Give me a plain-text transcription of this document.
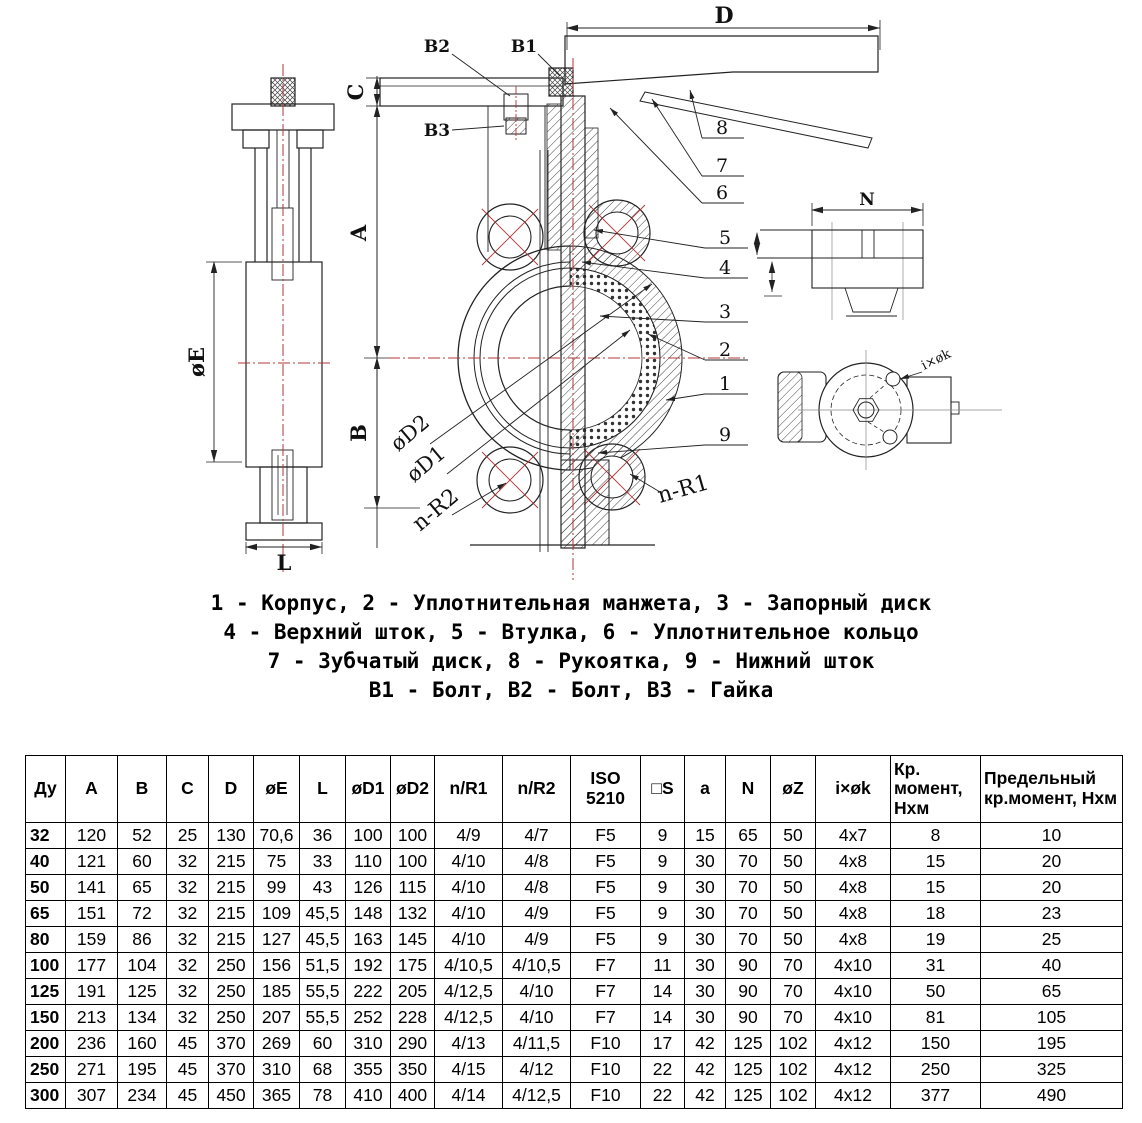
øE
L
C
A
B
D
В2	В1
В3	8
7
6
5
4
3
2
1
9
øD2
øD1
n-R2	n-R1
N
i×øk
1 - Корпус, 2 - Уплотнительная манжета, 3 - Запорный диск
4 - Верхний шток, 5 - Втулка, 6 - Уплотнительное кольцо
7 - Зубчатый диск, 8 - Рукоятка, 9 - Нижний шток
В1 - Болт, В2 - Болт, В3 - Гайка
Ду	A	B	C	D	øE	L	øD1	øD2	n/R1	n/R2	ISO 5210	□S	a	N	øZ	i×øk	Кр. момент, Нхм	Предельный кр.момент, Нхм
32	120	52	25	130	70,6	36	100	100	4/9	4/7	F5	9	15	65	50	4x7	8	10
40	121	60	32	215	75	33	110	100	4/10	4/8	F5	9	30	70	50	4x8	15	20
50	141	65	32	215	99	43	126	115	4/10	4/8	F5	9	30	70	50	4x8	15	20
65	151	72	32	215	109	45,5	148	132	4/10	4/9	F5	9	30	70	50	4x8	18	23
80	159	86	32	215	127	45,5	163	145	4/10	4/9	F5	9	30	70	50	4x8	19	25
100	177	104	32	250	156	51,5	192	175	4/10,5	4/10,5	F7	11	30	90	70	4x10	31	40
125	191	125	32	250	185	55,5	222	205	4/12,5	4/10	F7	14	30	90	70	4x10	50	65
150	213	134	32	250	207	55,5	252	228	4/12,5	4/10	F7	14	30	90	70	4x10	81	105
200	236	160	45	370	269	60	310	290	4/13	4/11,5	F10	17	42	125	102	4x12	150	195
250	271	195	45	370	310	68	355	350	4/15	4/12	F10	22	42	125	102	4x12	250	325
300	307	234	45	450	365	78	410	400	4/14	4/12,5	F10	22	42	125	102	4x12	377	490
